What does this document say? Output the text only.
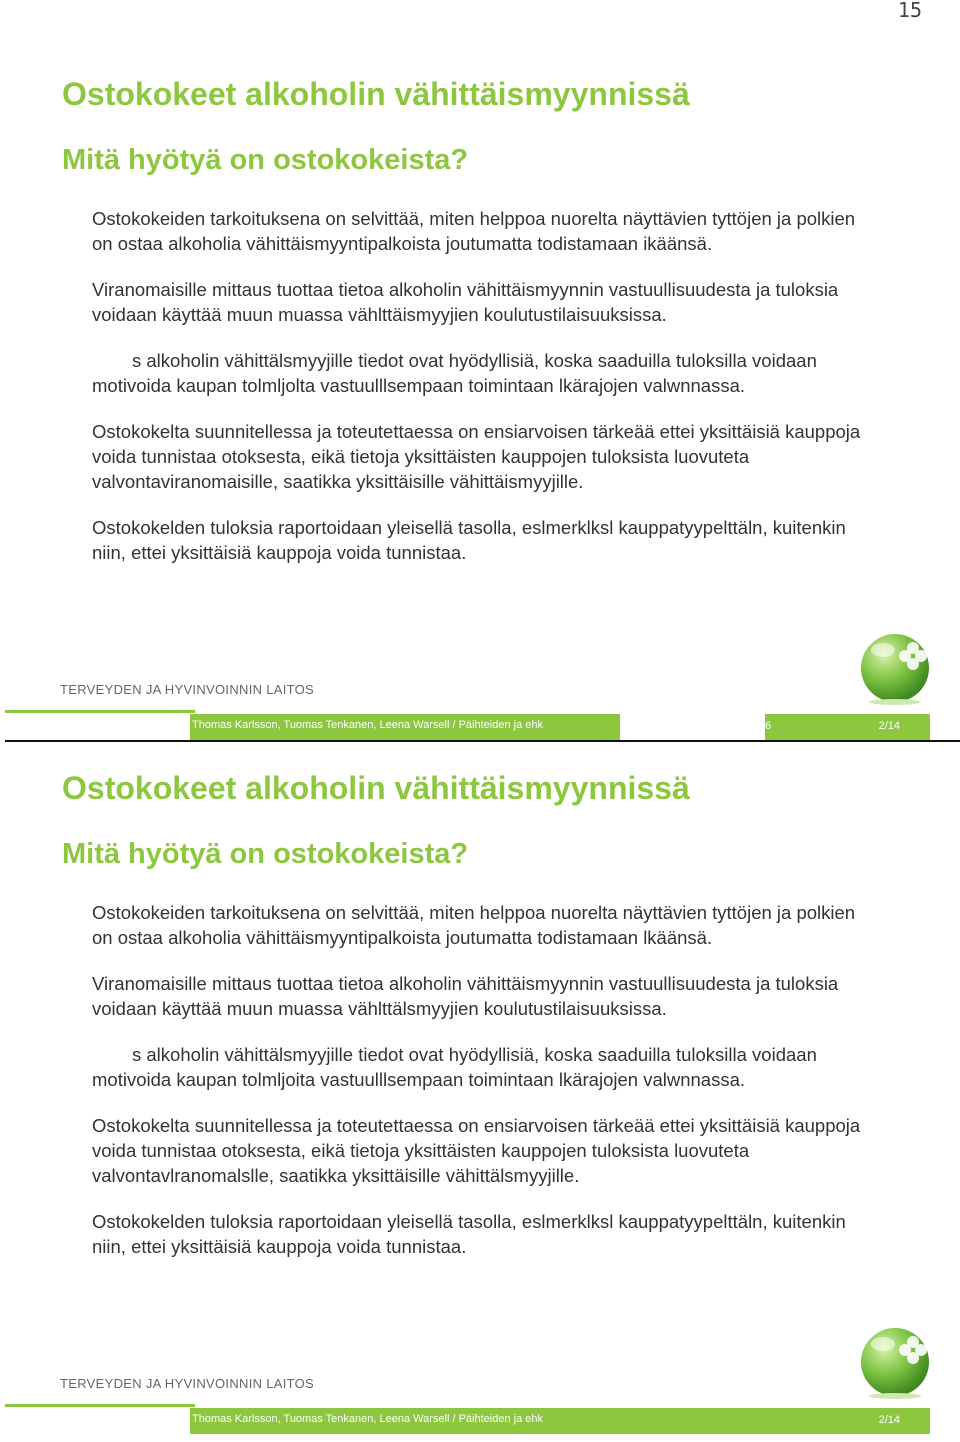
15
Ostokokeet alkoholin vähittäismyynnissä
Mitä hyötyä on ostokokeista?

Ostokokeiden tarkoituksena on selvittää, miten helppoa nuorelta näyttävien tyttöjen ja polkien on ostaa alkoholia vähittäismyyntipalkoista joutumatta todistamaan ikäänsä.

Viranomaisille mittaus tuottaa tietoa alkoholin vähittäismyynnin vastuullisuudesta ja tuloksia voidaan käyttää muun muassa vählttäismyyjien koulutustilaisuuksissa.

s alkoholin vähittälsmyyjille tiedot ovat hyödyllisiä, koska saaduilla tuloksilla voidaan motivoida kaupan tolmljolta vastuulllsempaan toimintaan lkärajojen valwnnassa.

Ostokokelta suunnitellessa ja toteutettaessa on ensiarvoisen tärkeää ettei yksittäisiä kauppoja voida tunnistaa otoksesta, eikä tietoja yksittäisten kauppojen tuloksista luovuteta valvontaviranomaisille, saatikka yksittäisille vähittäismyyjille.

Ostokokelden tuloksia raportoidaan yleisellä tasolla, eslmerklksl kauppatyypelttäln, kuitenkin niin, ettei yksittäisiä kauppoja voida tunnistaa.

TERVEYDEN JA HYVINVOINNIN LAITOS
Thomas Karlsson, Tuomas Tenkanen, Leena Warsell / Päihteiden ja ehk	6	2/14
Ostokokeet alkoholin vähittäismyynnissä
Mitä hyötyä on ostokokeista?

Ostokokeiden tarkoituksena on selvittää, miten helppoa nuorelta näyttävien tyttöjen ja polkien on ostaa alkoholia vähittäismyyntipalkoista joutumatta todistamaan lkäänsä.

Viranomaisille mittaus tuottaa tietoa alkoholin vähittäismyynnin vastuullisuudesta ja tuloksia voidaan käyttää muun muassa vählttälsmyyjien koulutustilaisuuksissa.

s alkoholin vähittälsmyyjille tiedot ovat hyödyllisiä, koska saaduilla tuloksilla voidaan motivoida kaupan tolmljoita vastuulllsempaan toimintaan lkärajojen valwnnassa.

Ostokokelta suunnitellessa ja toteutettaessa on ensiarvoisen tärkeää ettei yksittäisiä kauppoja voida tunnistaa otoksesta, eikä tietoja yksittäisten kauppojen tuloksista luovuteta valvontavlranomalslle, saatikka yksittäisille vähittälsmyyjille.

Ostokokelden tuloksia raportoidaan yleisellä tasolla, eslmerklksl kauppatyypelttäln, kuitenkin niin, ettei yksittäisiä kauppoja voida tunnistaa.

TERVEYDEN JA HYVINVOINNIN LAITOS
Thomas Karlsson, Tuomas Tenkanen, Leena Warsell / Päihteiden ja ehk	2/14
